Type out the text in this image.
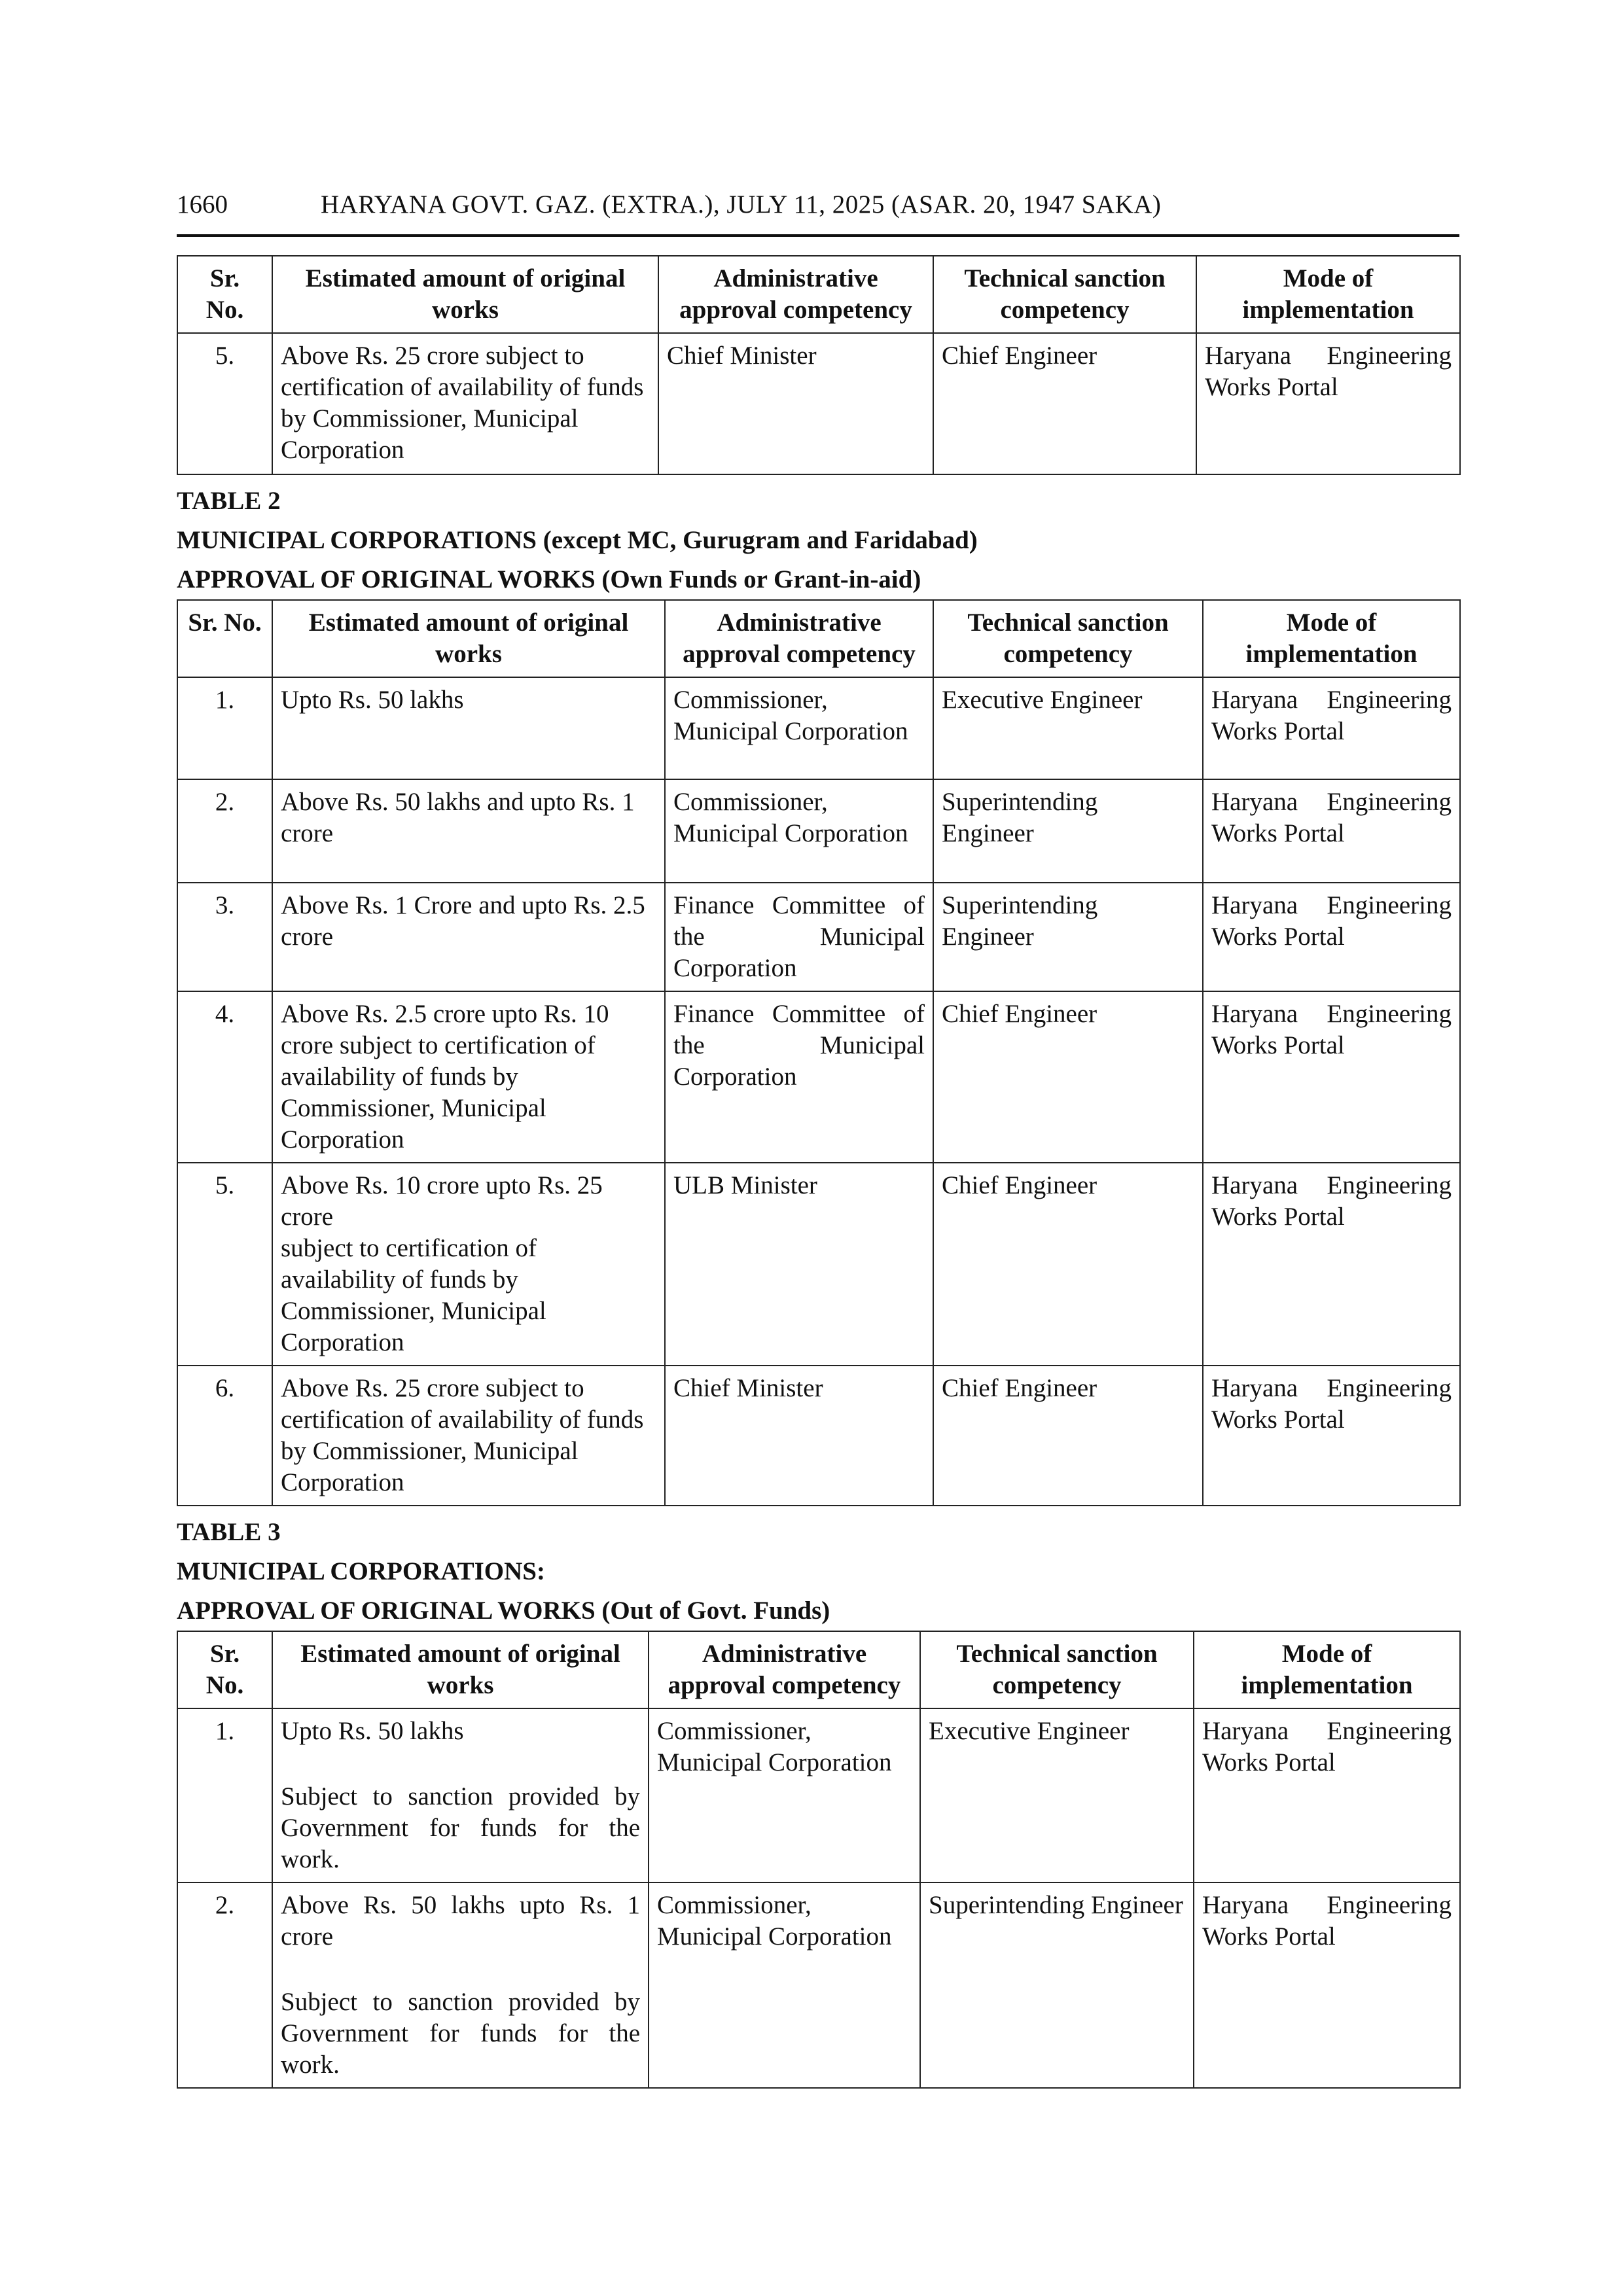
1660	HARYANA GOVT. GAZ. (EXTRA.), JULY 11, 2025 (ASAR. 20, 1947 SAKA)
Sr.
No.	Estimated amount of original works	Administrative approval competency	Technical sanction competency	Mode of implementation
5.	Above Rs. 25 crore subject to certification of availability of funds by Commissioner, Municipal Corporation	Chief Minister	Chief Engineer	Haryana Engineering
Works Portal
TABLE 2
MUNICIPAL CORPORATIONS (except MC, Gurugram and Faridabad)
APPROVAL OF ORIGINAL WORKS (Own Funds or Grant-in-aid)
Sr. No.	Estimated amount of original works	Administrative approval competency	Technical sanction competency	Mode of implementation
1.	Upto Rs. 50 lakhs	Commissioner, Municipal Corporation	Executive Engineer	Haryana Engineering
Works Portal
2.	Above Rs. 50 lakhs and upto Rs. 1 crore	Commissioner, Municipal Corporation	Superintending Engineer	Haryana Engineering
Works Portal
3.	Above Rs. 1 Crore and upto Rs. 2.5 crore	Finance Committee of the Municipal Corporation	Superintending Engineer	Haryana Engineering
Works Portal
4.	Above Rs. 2.5 crore upto Rs. 10 crore subject to certification of availability of funds by Commissioner, Municipal Corporation	Finance Committee of the Municipal Corporation	Chief Engineer	Haryana Engineering
Works Portal
5.	Above Rs. 10 crore upto Rs. 25 crore
subject to certification of availability of funds by Commissioner, Municipal Corporation	ULB Minister	Chief Engineer	Haryana Engineering
Works Portal
6.	Above Rs. 25 crore subject to certification of availability of funds by Commissioner, Municipal Corporation	Chief Minister	Chief Engineer	Haryana Engineering
Works Portal
TABLE 3
MUNICIPAL CORPORATIONS:
APPROVAL OF ORIGINAL WORKS (Out of Govt. Funds)
Sr.
No.	Estimated amount of original works	Administrative approval competency	Technical sanction competency	Mode of implementation
1.	Upto Rs. 50 lakhs
Subject to sanction provided by Government for funds for the work.	Commissioner, Municipal Corporation	Executive Engineer	Haryana Engineering
Works Portal
2.	Above Rs. 50 lakhs upto Rs. 1 crore
Subject to sanction provided by Government for funds for the work.	Commissioner, Municipal Corporation	Superintending Engineer	Haryana Engineering
Works Portal
